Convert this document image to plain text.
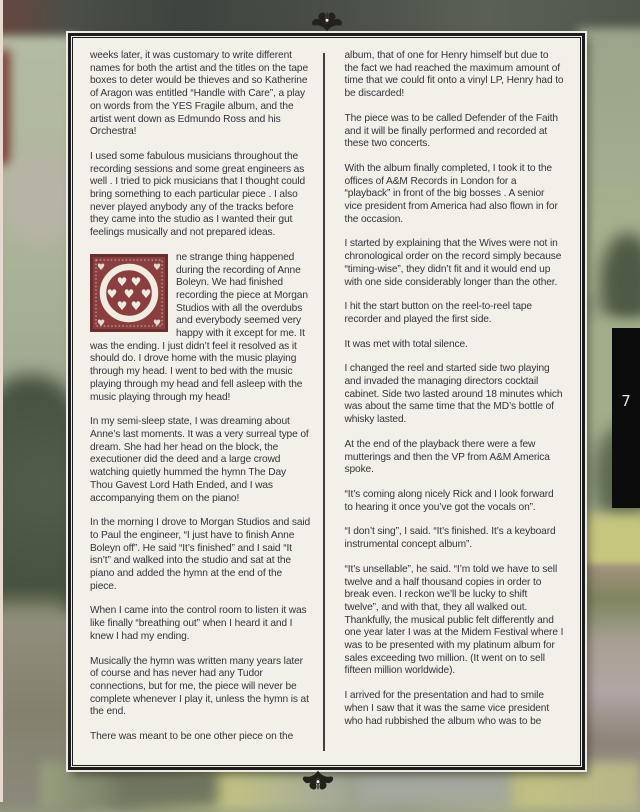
weeks later, it was customary to write different names for both the artist and the titles on the tape boxes to deter would be thieves and so Katherine of Aragon was entitled “Handle with Care”, a play on words from the YES Fragile album, and the artist went down as Edmundo Ross and his Orchestra!

I used some fabulous musicians throughout the recording sessions and some great engineers as well . I tried to pick musicians that I thought could bring something to each particular piece . I also never played anybody any of the tracks before they came into the studio as I wanted their gut feelings musically and not prepared ideas.

♥ ♥
♥ ♥ ♥
♥ ♥
♥	♥
♥	♥
ne strange thing happened during the recording of Anne Boleyn. We had finished recording the piece at Morgan Studios with all the overdubs and everybody seemed very happy with it except for me. It was the ending. I just didn’t feel it resolved as it should do. I drove home with the music playing through my head. I went to bed with the music playing through my head and fell asleep with the music playing through my head!

In my semi-sleep state, I was dreaming about Anne’s last moments. It was a very surreal type of dream. She had her head on the block, the executioner did the deed and a large crowd watching quietly hummed the hymn The Day Thou Gavest Lord Hath Ended, and I was accompanying them on the piano!

In the morning I drove to Morgan Studios and said to Paul the engineer, “I just have to finish Anne Boleyn off”. He said “It’s finished” and I said “It isn’t” and walked into the studio and sat at the piano and added the hymn at the end of the piece.

When I came into the control room to listen it was like finally “breathing out” when I heard it and I knew I had my ending.

Musically the hymn was written many years later of course and has never had any Tudor connections, but for me, the piece will never be complete whenever I play it, unless the hymn is at the end.

There was meant to be one other piece on the

album, that of one for Henry himself but due to the fact we had reached the maximum amount of time that we could fit onto a vinyl LP, Henry had to be discarded!

The piece was to be called Defender of the Faith and it will be finally performed and recorded at these two concerts.

With the album finally completed, I took it to the offices of A&M Records in London for a “playback” in front of the big bosses . A senior vice president from America had also flown in for the occasion.

I started by explaining that the Wives were not in chronological order on the record simply because “timing-wise”, they didn’t fit and it would end up with one side considerably longer than the other.

I hit the start button on the reel-to-reel tape recorder and played the first side.

It was met with total silence.

I changed the reel and started side two playing and invaded the managing directors cocktail cabinet. Side two lasted around 18 minutes which was about the same time that the MD’s bottle of whisky lasted.

At the end of the playback there were a few mutterings and then the VP from A&M America spoke.

“It’s coming along nicely Rick and I look forward to hearing it once you’ve got the vocals on”.

“I don’t sing”, I said. “It’s finished. It’s a keyboard instrumental concept album”.

“It’s unsellable”, he said. “I’m told we have to sell twelve and a half thousand copies in order to break even. I reckon we’ll be lucky to shift twelve”, and with that, they all walked out. Thankfully, the musical public felt differently and one year later I was at the Midem Festival where I was to be presented with my platinum album for sales exceeding two million. (It went on to sell fifteen million worldwide).

I arrived for the presentation and had to smile when I saw that it was the same vice president who had rubbished the album who was to be

7
